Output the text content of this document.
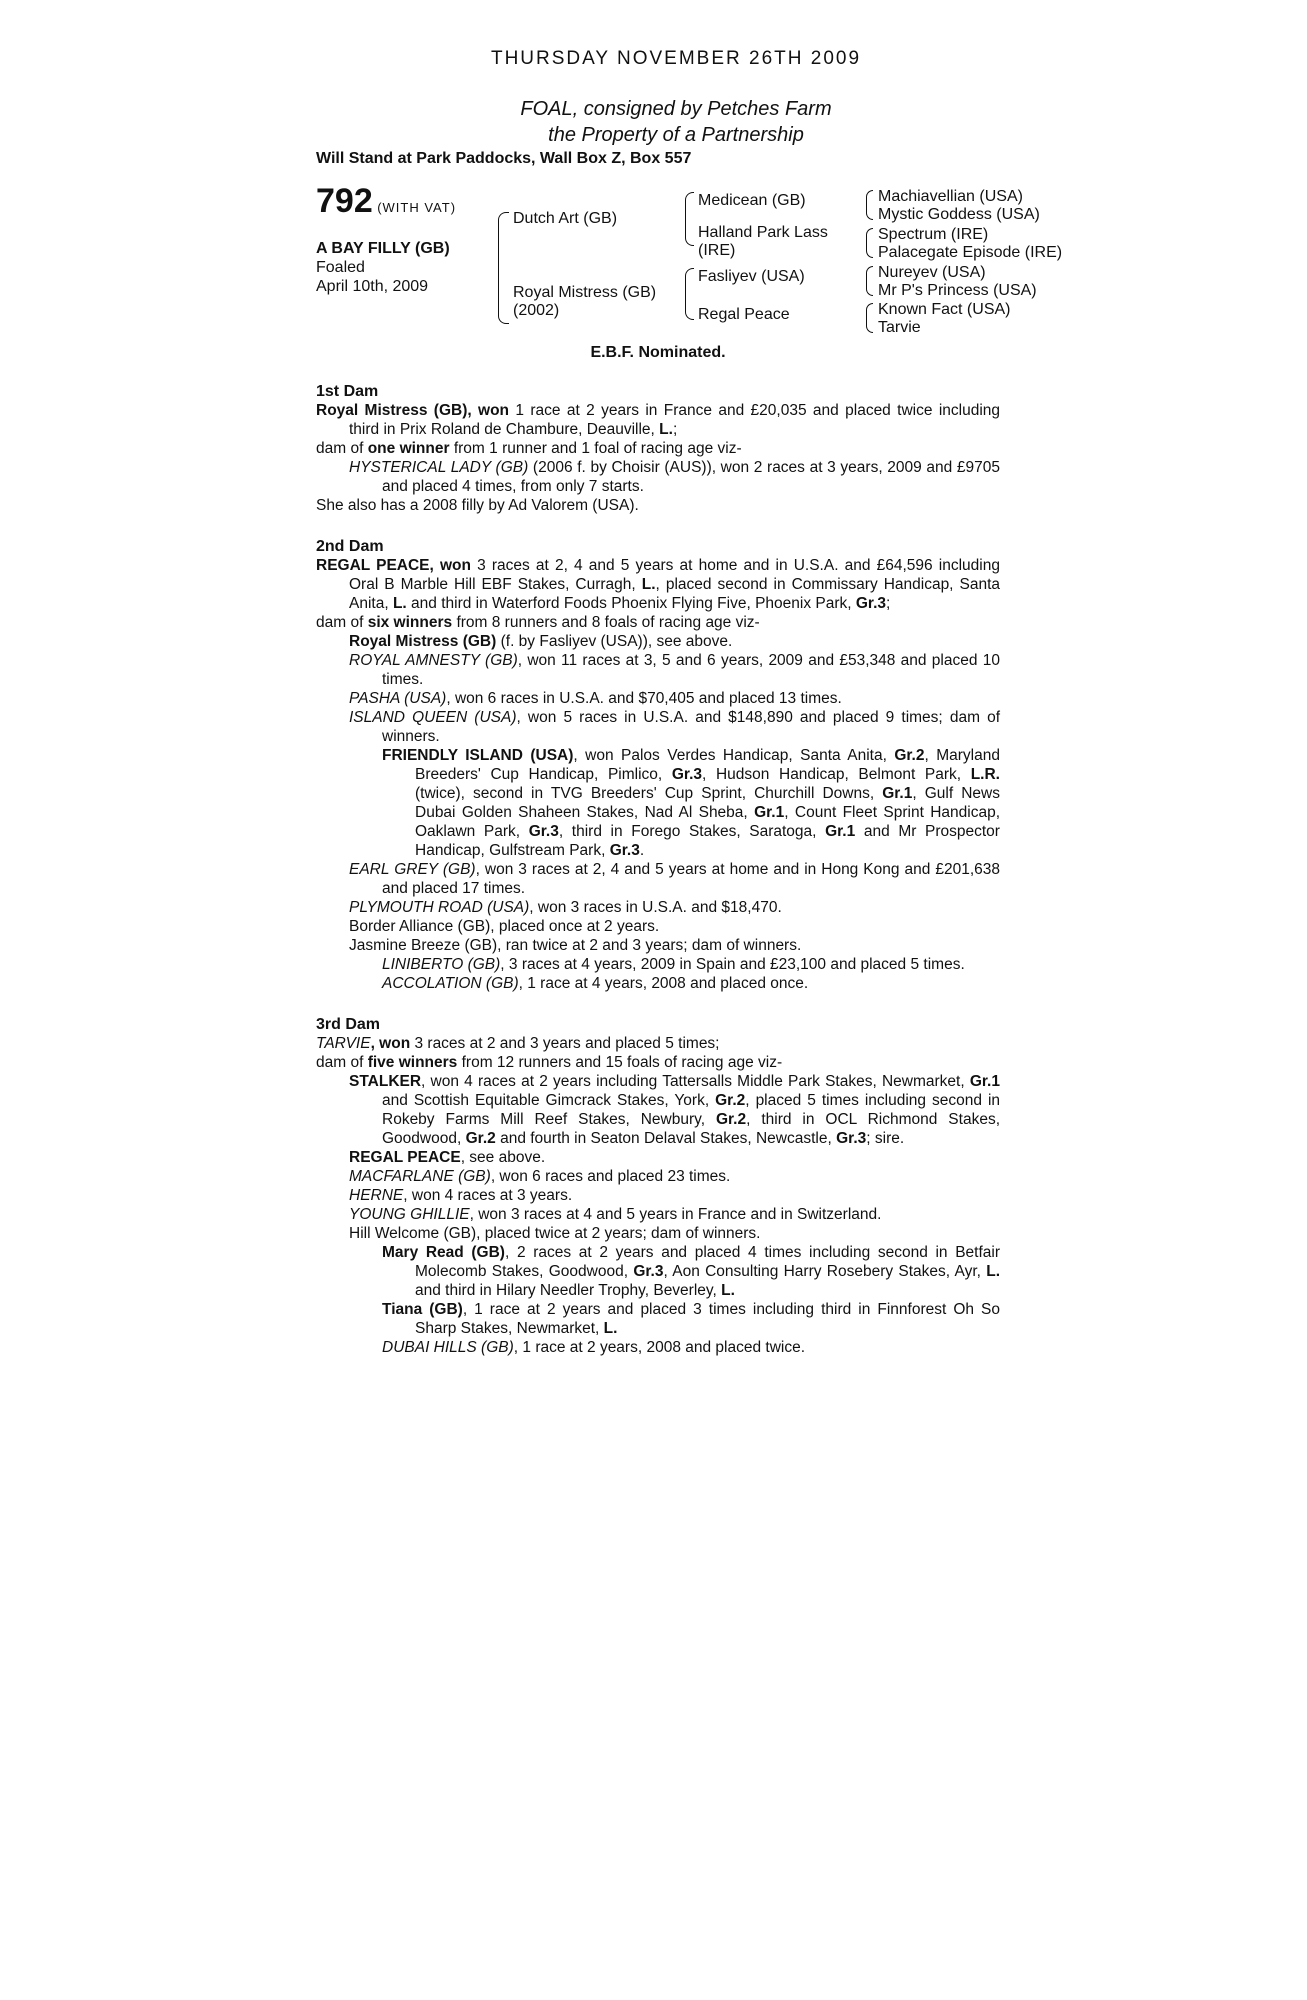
THURSDAY NOVEMBER 26TH 2009
FOAL, consigned by Petches Farm
the Property of a Partnership
Will Stand at Park Paddocks, Wall Box Z, Box 557
792 (WITH VAT)
A BAY FILLY (GB)
Foaled
April 10th, 2009
Dutch Art (GB)
Royal Mistress (GB)
(2002)
Medicean (GB)
Halland Park Lass
(IRE)
Fasliyev (USA)
Regal Peace
Machiavellian (USA)
Mystic Goddess (USA)
Spectrum (IRE)
Palacegate Episode (IRE)
Nureyev (USA)
Mr P's Princess (USA)
Known Fact (USA)
Tarvie
E.B.F. Nominated.
1st Dam
Royal Mistress (GB), won 1 race at 2 years in France and £20,035 and placed twice including third in Prix Roland de Chambure, Deauville, L.;
dam of one winner from 1 runner and 1 foal of racing age viz-
HYSTERICAL LADY (GB) (2006 f. by Choisir (AUS)), won 2 races at 3 years, 2009 and £9705 and placed 4 times, from only 7 starts.
She also has a 2008 filly by Ad Valorem (USA).
2nd Dam
REGAL PEACE, won 3 races at 2, 4 and 5 years at home and in U.S.A. and £64,596 including Oral B Marble Hill EBF Stakes, Curragh, L., placed second in Commissary Handicap, Santa Anita, L. and third in Waterford Foods Phoenix Flying Five, Phoenix Park, Gr.3;
dam of six winners from 8 runners and 8 foals of racing age viz-
Royal Mistress (GB) (f. by Fasliyev (USA)), see above.
ROYAL AMNESTY (GB), won 11 races at 3, 5 and 6 years, 2009 and £53,348 and placed 10 times.
PASHA (USA), won 6 races in U.S.A. and $70,405 and placed 13 times.
ISLAND QUEEN (USA), won 5 races in U.S.A. and $148,890 and placed 9 times; dam of winners.
FRIENDLY ISLAND (USA), won Palos Verdes Handicap, Santa Anita, Gr.2, Maryland Breeders' Cup Handicap, Pimlico, Gr.3, Hudson Handicap, Belmont Park, L.R. (twice), second in TVG Breeders' Cup Sprint, Churchill Downs, Gr.1, Gulf News Dubai Golden Shaheen Stakes, Nad Al Sheba, Gr.1, Count Fleet Sprint Handicap, Oaklawn Park, Gr.3, third in Forego Stakes, Saratoga, Gr.1 and Mr Prospector Handicap, Gulfstream Park, Gr.3.
EARL GREY (GB), won 3 races at 2, 4 and 5 years at home and in Hong Kong and £201,638 and placed 17 times.
PLYMOUTH ROAD (USA), won 3 races in U.S.A. and $18,470.
Border Alliance (GB), placed once at 2 years.
Jasmine Breeze (GB), ran twice at 2 and 3 years; dam of winners.
LINIBERTO (GB), 3 races at 4 years, 2009 in Spain and £23,100 and placed 5 times.
ACCOLATION (GB), 1 race at 4 years, 2008 and placed once.
3rd Dam
TARVIE, won 3 races at 2 and 3 years and placed 5 times;
dam of five winners from 12 runners and 15 foals of racing age viz-
STALKER, won 4 races at 2 years including Tattersalls Middle Park Stakes, Newmarket, Gr.1 and Scottish Equitable Gimcrack Stakes, York, Gr.2, placed 5 times including second in Rokeby Farms Mill Reef Stakes, Newbury, Gr.2, third in OCL Richmond Stakes, Goodwood, Gr.2 and fourth in Seaton Delaval Stakes, Newcastle, Gr.3; sire.
REGAL PEACE, see above.
MACFARLANE (GB), won 6 races and placed 23 times.
HERNE, won 4 races at 3 years.
YOUNG GHILLIE, won 3 races at 4 and 5 years in France and in Switzerland.
Hill Welcome (GB), placed twice at 2 years; dam of winners.
Mary Read (GB), 2 races at 2 years and placed 4 times including second in Betfair Molecomb Stakes, Goodwood, Gr.3, Aon Consulting Harry Rosebery Stakes, Ayr, L. and third in Hilary Needler Trophy, Beverley, L.
Tiana (GB), 1 race at 2 years and placed 3 times including third in Finnforest Oh So Sharp Stakes, Newmarket, L.
DUBAI HILLS (GB), 1 race at 2 years, 2008 and placed twice.
